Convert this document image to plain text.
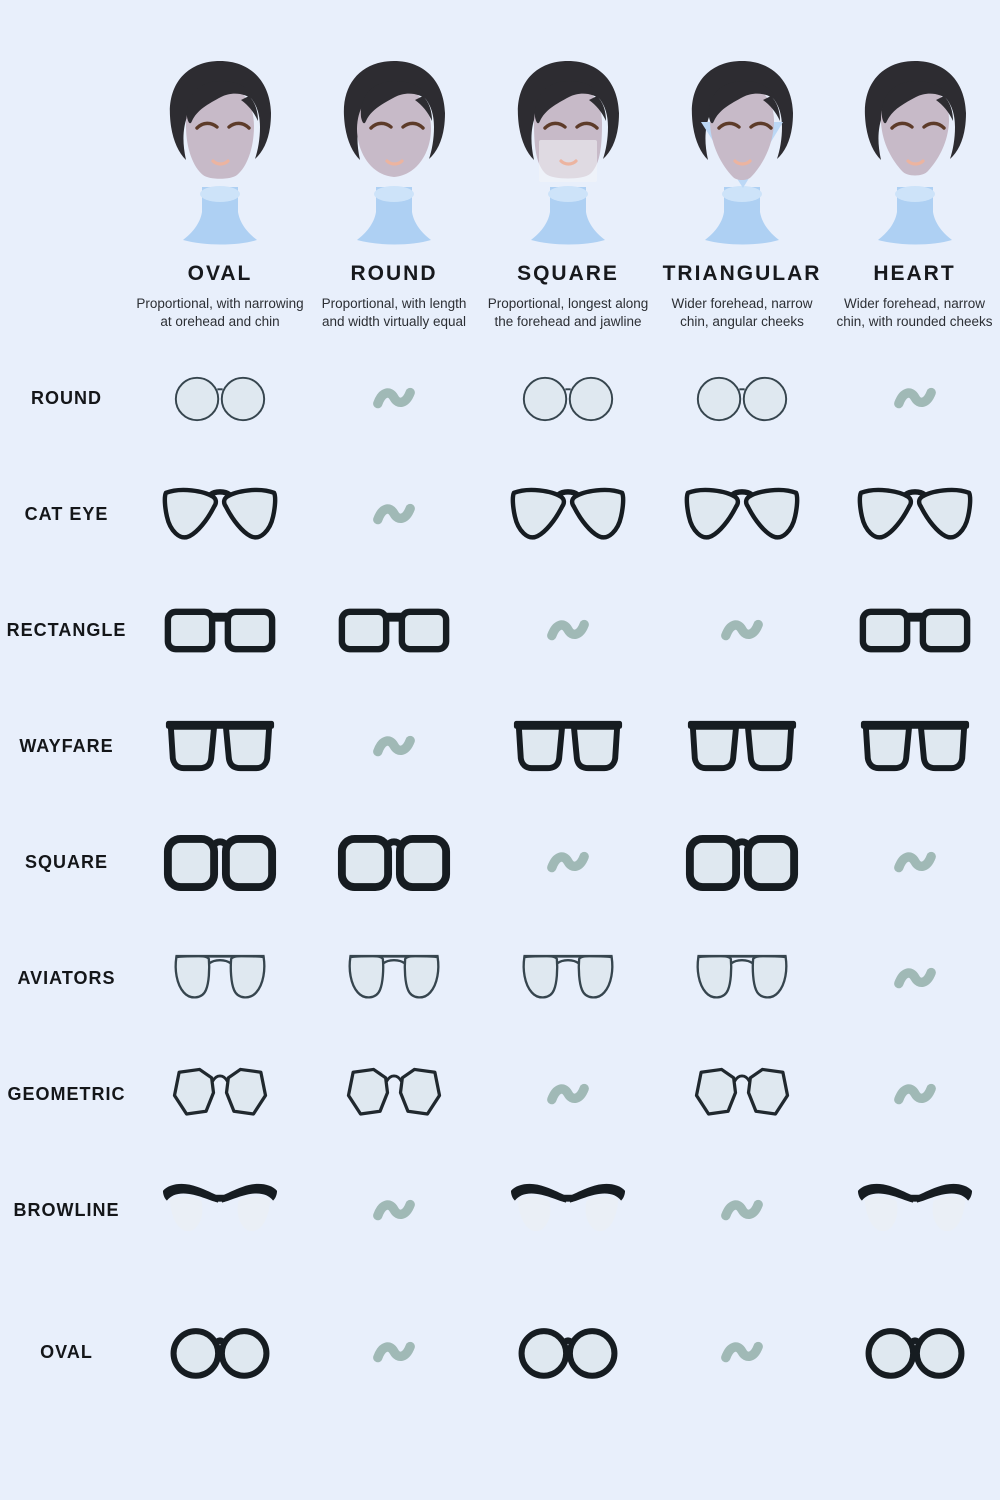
OVAL

Proportional, with narrowing at orehead and chin

ROUND

Proportional, with length and width virtually equal

SQUARE

Proportional, longest along the forehead and jawline

TRIANGULAR

Wider forehead, narrow chin, angular cheeks

HEART

Wider forehead, narrow chin, with rounded cheeks

ROUND
CAT EYE
RECTANGLE
WAYFARE
SQUARE
AVIATORS
GEOMETRIC
BROWLINE
OVAL
